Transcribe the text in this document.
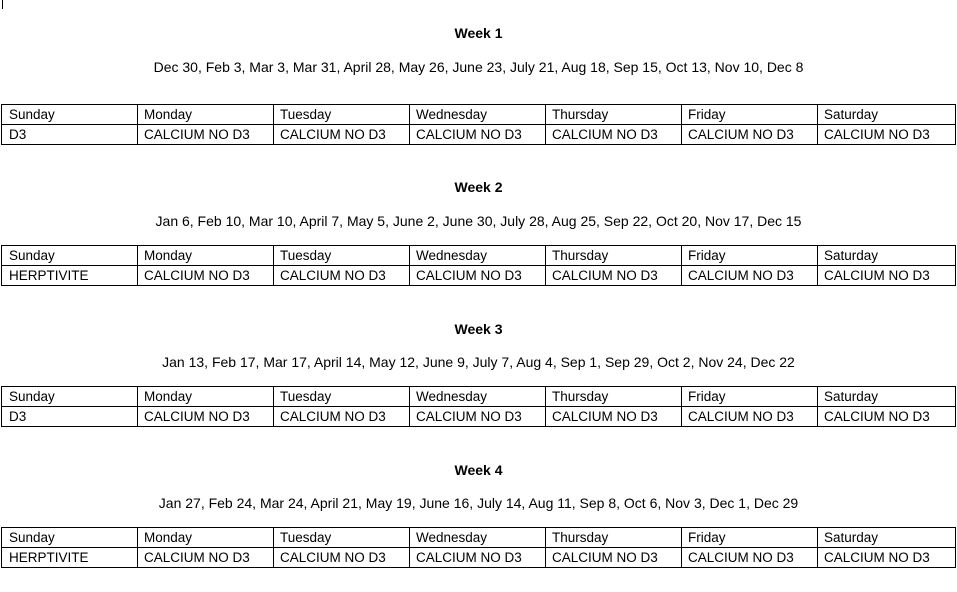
Week 1
Dec 30, Feb 3, Mar 3, Mar 31, April 28, May 26, June 23, July 21, Aug 18, Sep 15, Oct 13, Nov 10, Dec 8
Sunday	Monday	Tuesday	Wednesday	Thursday	Friday	Saturday
D3	CALCIUM NO D3	CALCIUM NO D3	CALCIUM NO D3	CALCIUM NO D3	CALCIUM NO D3	CALCIUM NO D3
Week 2
Jan 6, Feb 10, Mar 10, April 7, May 5, June 2, June 30, July 28, Aug 25, Sep 22, Oct 20, Nov 17, Dec 15
Sunday	Monday	Tuesday	Wednesday	Thursday	Friday	Saturday
HERPTIVITE	CALCIUM NO D3	CALCIUM NO D3	CALCIUM NO D3	CALCIUM NO D3	CALCIUM NO D3	CALCIUM NO D3
Week 3
Jan 13, Feb 17, Mar 17, April 14, May 12, June 9, July 7, Aug 4, Sep 1, Sep 29, Oct 2, Nov 24, Dec 22
Sunday	Monday	Tuesday	Wednesday	Thursday	Friday	Saturday
D3	CALCIUM NO D3	CALCIUM NO D3	CALCIUM NO D3	CALCIUM NO D3	CALCIUM NO D3	CALCIUM NO D3
Week 4
Jan 27, Feb 24, Mar 24, April 21, May 19, June 16, July 14, Aug 11, Sep 8, Oct 6, Nov 3, Dec 1, Dec 29
Sunday	Monday	Tuesday	Wednesday	Thursday	Friday	Saturday
HERPTIVITE	CALCIUM NO D3	CALCIUM NO D3	CALCIUM NO D3	CALCIUM NO D3	CALCIUM NO D3	CALCIUM NO D3
